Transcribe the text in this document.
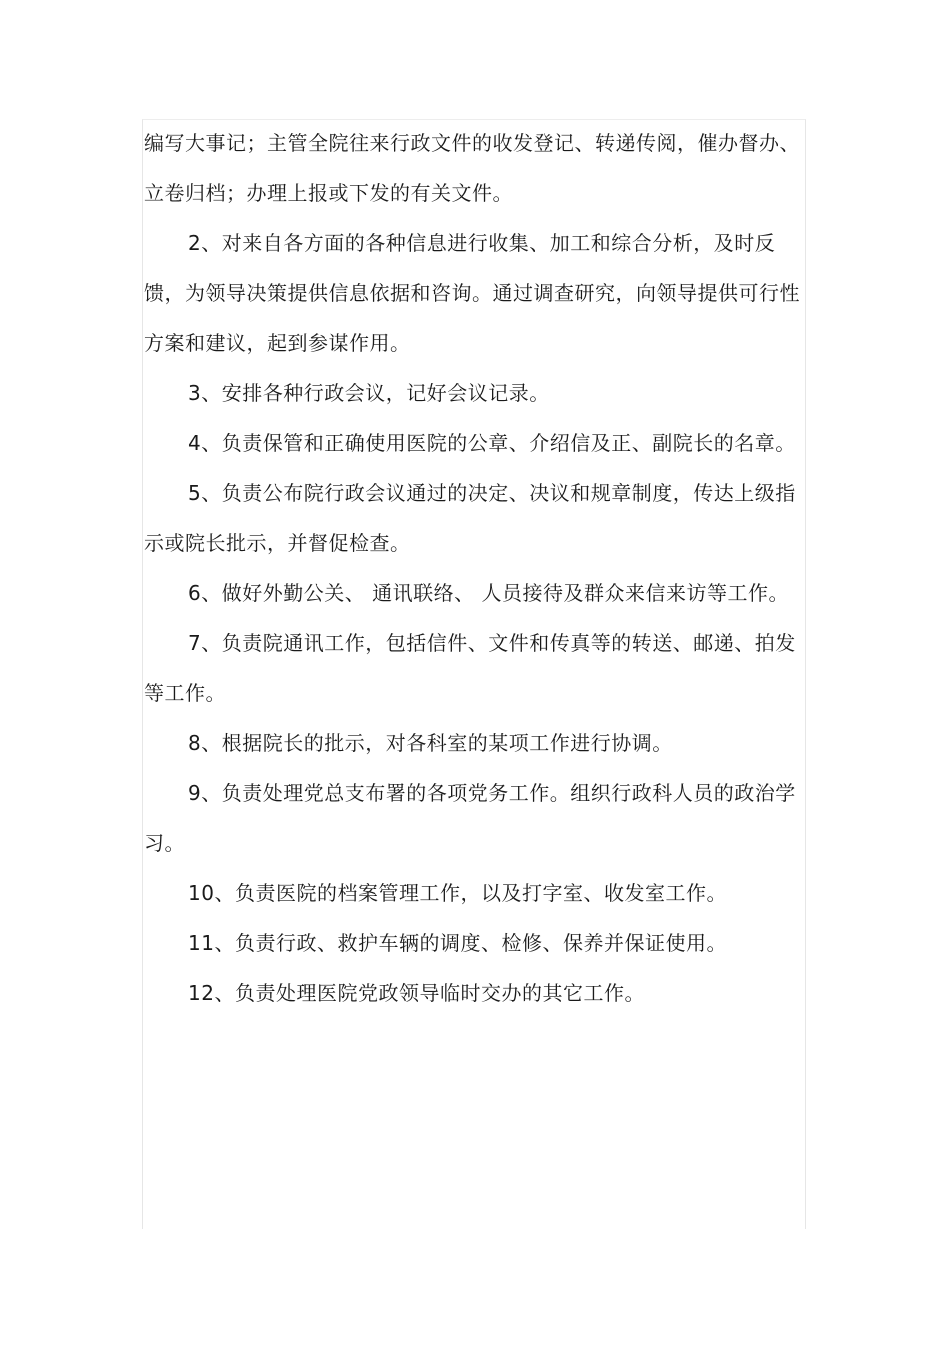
编写大事记；主管全院往来行政文件的收发登记、转递传阅，催办督办、立卷归档；办理上报或下发的有关文件。

2、对来自各方面的各种信息进行收集、加工和综合分析，及时反馈，为领导决策提供信息依据和咨询。通过调查研究，向领导提供可行性方案和建议，起到参谋作用。

3、安排各种行政会议，记好会议记录。

4、负责保管和正确使用医院的公章、介绍信及正、副院长的名章。

5、负责公布院行政会议通过的决定、决议和规章制度，传达上级指示或院长批示，并督促检查。

6、做好外勤公关、 通讯联络、 人员接待及群众来信来访等工作。

7、负责院通讯工作，包括信件、文件和传真等的转送、邮递、拍发等工作。

8、根据院长的批示，对各科室的某项工作进行协调。

9、负责处理党总支布署的各项党务工作。组织行政科人员的政治学习。

10、负责医院的档案管理工作，以及打字室、收发室工作。

11、负责行政、救护车辆的调度、检修、保养并保证使用。

12、负责处理医院党政领导临时交办的其它工作。
